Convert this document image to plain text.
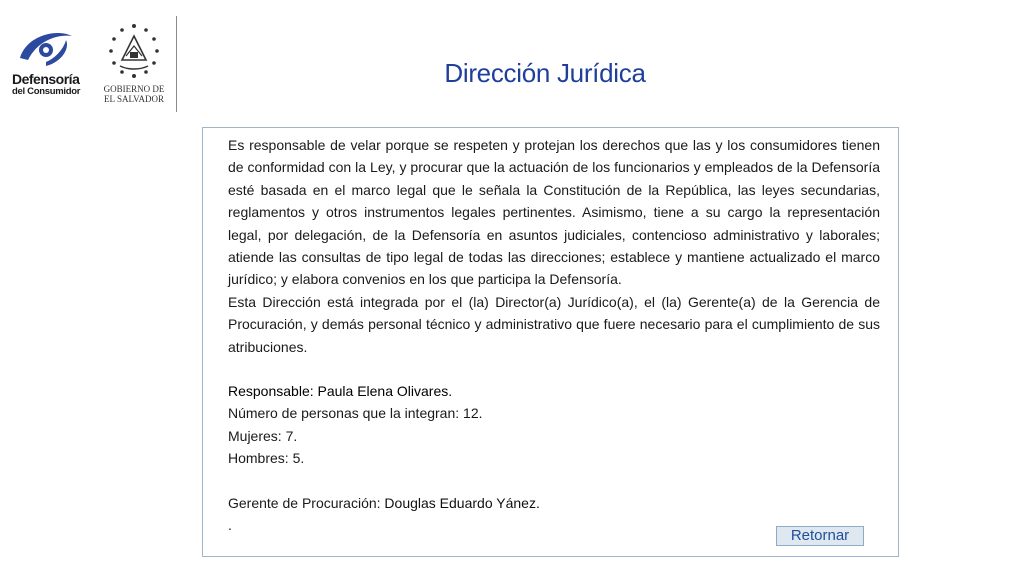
Defensoría
del Consumidor	GOBIERNO DE
EL SALVADOR
Dirección Jurídica

Es responsable de velar porque se respeten y protejan los derechos que las y los consumidores tienen de conformidad con la Ley, y procurar que la actuación de los funcionarios y empleados de la Defensoría esté basada en el marco legal que le señala la Constitución de la República, las leyes secundarias, reglamentos y otros instrumentos legales pertinentes. Asimismo, tiene a su cargo la representación legal, por delegación, de la Defensoría en asuntos judiciales, contencioso administrativo y laborales; atiende las consultas de tipo legal de todas las direcciones; establece y mantiene actualizado el marco jurídico; y elabora convenios en los que participa la Defensoría.

Esta Dirección está integrada por el (la) Director(a) Jurídico(a), el (la) Gerente(a) de la Gerencia de Procuración, y demás personal técnico y administrativo que fuere necesario para el cumplimiento de sus atribuciones.

Responsable: Paula Elena Olivares.

Número de personas que la integran: 12.

Mujeres: 7.

Hombres: 5.

Gerente de Procuración: Douglas Eduardo Yánez.

.

Retornar
